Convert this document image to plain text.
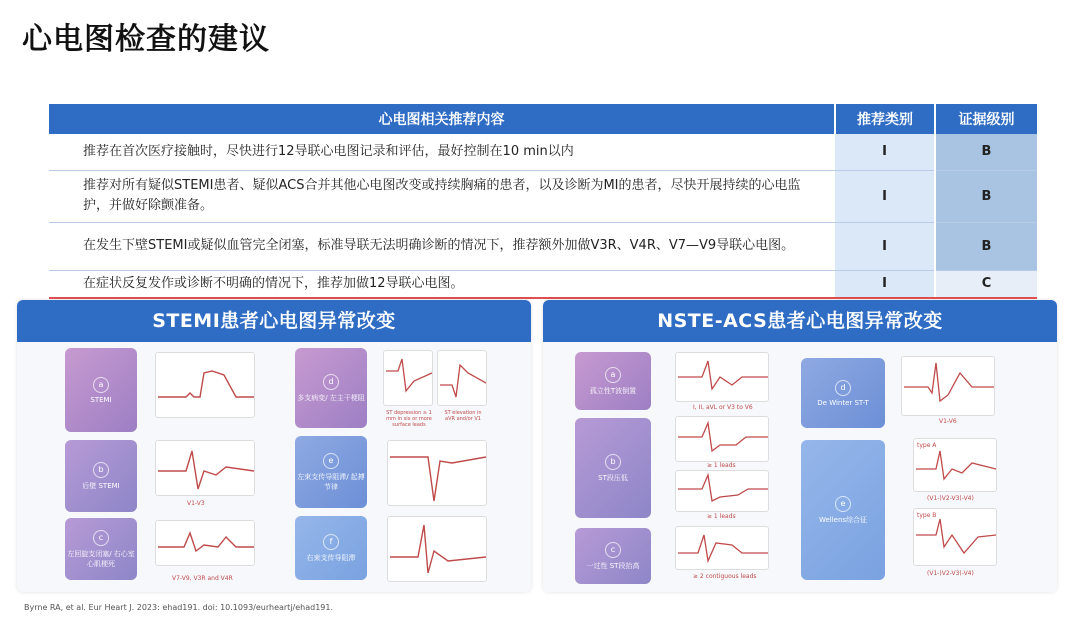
心电图检查的建议
心电图相关推荐内容	推荐类别	证据级别
推荐在首次医疗接触时，尽快进行12导联心电图记录和评估，最好控制在10 min以内	I	B
推荐对所有疑似STEMI患者、疑似ACS合并其他心电图改变或持续胸痛的患者，以及诊断为MI的患者，尽快开展持续的心电监护，并做好除颤准备。	I	B
在发生下壁STEMI或疑似血管完全闭塞，标准导联无法明确诊断的情况下，推荐额外加做V3R、V4R、V7—V9导联心电图。	I	B
在症状反复发作或诊断不明确的情况下，推荐加做12导联心电图。	I	C
STEMI患者心电图异常改变
a
STEMI
b
后壁 STEMI
V1-V3
c
左回旋支闭塞/ 右心室心肌梗死
V7-V9, V3R and V4R
d
多支病变/ 左主干梗阻
ST depression ≥ 1 mm in six or more surface leads
ST elevation in aVR and/or V1
e
左束支传导阻滞/ 起搏节律
f
右束支传导阻滞
NSTE-ACS患者心电图异常改变
a
孤立性T波倒置
I, II, aVL or V3 to V6
b
ST段压低
≥ 1 leads
≥ 1 leads
c
一过性 ST段抬高
≥ 2 contiguous leads
d
De Winter ST-T
V1-V6
e
Wellens综合征
type A
(V1-)V2-V3(-V4)
type B
(V1-)V2-V3(-V4)
Byrne RA, et al. Eur Heart J. 2023: ehad191. doi: 10.1093/eurheartj/ehad191.
